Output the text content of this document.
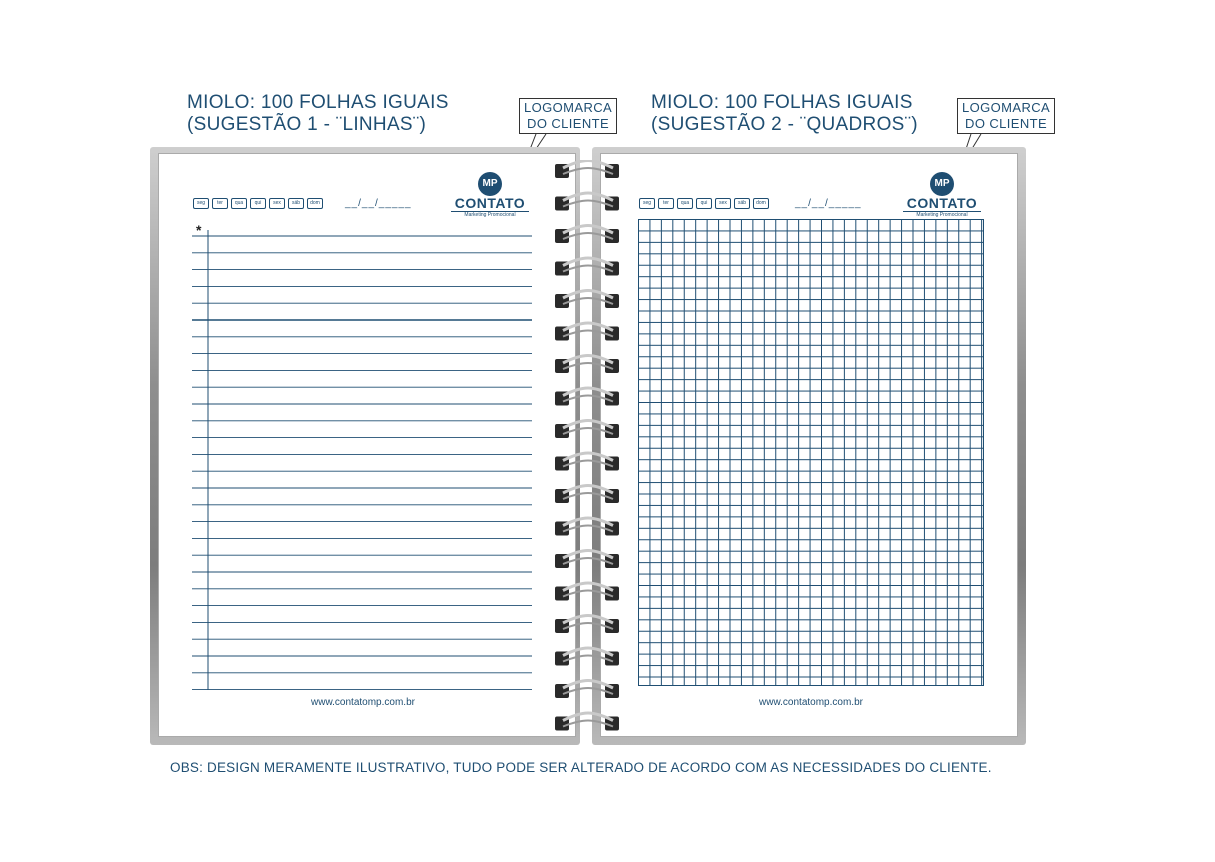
MIOLO: 100 FOLHAS IGUAIS
(SUGESTÃO 1 - ¨LINHAS¨)
MIOLO: 100 FOLHAS IGUAIS
(SUGESTÃO 2 - ¨QUADROS¨)
LOGOMARCA
DO CLIENTE
LOGOMARCA
DO CLIENTE
seg	ter	qua	qui	sex	sáb	dom	__/__/_____
MP
CONTATO
Marketing Promocional
*
www.contatomp.com.br
seg	ter	qua	qui	sex	sáb	dom	__/__/_____
MP
CONTATO
Marketing Promocional
www.contatomp.com.br
OBS: DESIGN MERAMENTE ILUSTRATIVO, TUDO PODE SER ALTERADO DE ACORDO COM AS NECESSIDADES DO CLIENTE.
